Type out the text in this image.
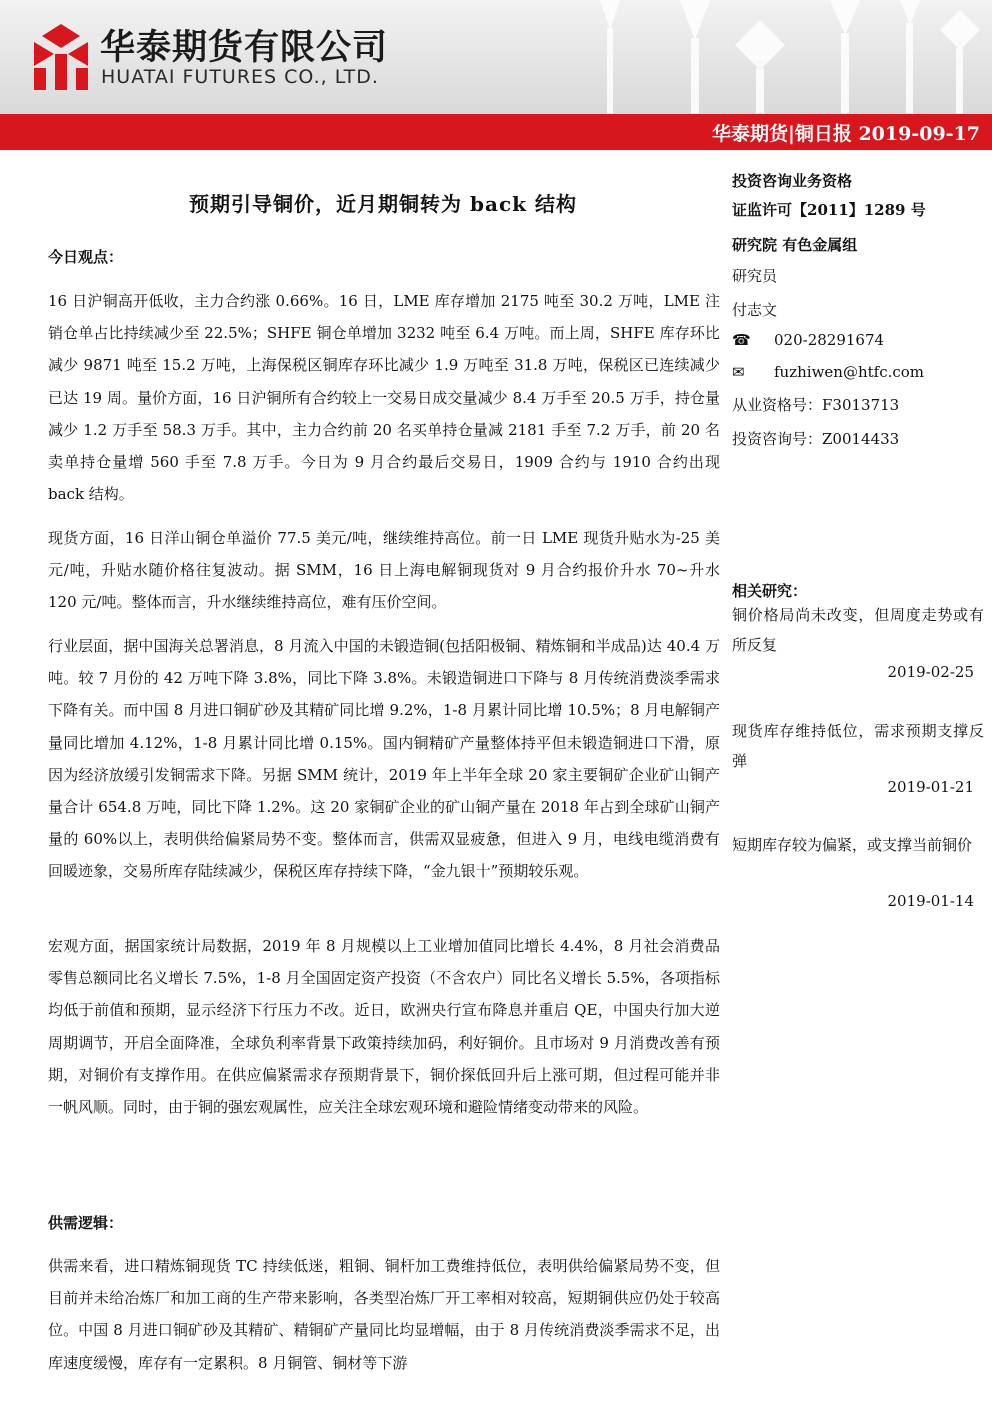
华泰期货有限公司
HUATAI FUTURES CO., LTD.
华泰期货|铜日报 2019-09-17
预期引导铜价，近月期铜转为 back 结构
今日观点：
16 日沪铜高开低收，主力合约涨 0.66%。16 日，LME 库存增加 2175 吨至 30.2 万吨，LME 注销仓单占比持续减少至 22.5%；SHFE 铜仓单增加 3232 吨至 6.4 万吨。而上周，SHFE 库存环比减少 9871 吨至 15.2 万吨，上海保税区铜库存环比减少 1.9 万吨至 31.8 万吨，保税区已连续减少已达 19 周。量价方面，16 日沪铜所有合约较上一交易日成交量减少 8.4 万手至 20.5 万手，持仓量减少 1.2 万手至 58.3 万手。其中，主力合约前 20 名买单持仓量减 2181 手至 7.2 万手，前 20 名卖单持仓量增 560 手至 7.8 万手。今日为 9 月合约最后交易日，1909 合约与 1910 合约出现 back 结构。
现货方面，16 日洋山铜仓单溢价 77.5 美元/吨，继续维持高位。前一日 LME 现货升贴水为-25 美元/吨，升贴水随价格往复波动。据 SMM，16 日上海电解铜现货对 9 月合约报价升水 70~升水 120 元/吨。整体而言，升水继续维持高位，难有压价空间。
行业层面，据中国海关总署消息，8 月流入中国的未锻造铜(包括阳极铜、精炼铜和半成品)达 40.4 万吨。较 7 月份的 42 万吨下降 3.8%，同比下降 3.8%。未锻造铜进口下降与 8 月传统消费淡季需求下降有关。而中国 8 月进口铜矿砂及其精矿同比增 9.2%，1-8 月累计同比增 10.5%；8 月电解铜产量同比增加 4.12%，1-8 月累计同比增 0.15%。国内铜精矿产量整体持平但未锻造铜进口下滑，原因为经济放缓引发铜需求下降。另据 SMM 统计，2019 年上半年全球 20 家主要铜矿企业矿山铜产量合计 654.8 万吨，同比下降 1.2%。这 20 家铜矿企业的矿山铜产量在 2018 年占到全球矿山铜产量的 60%以上，表明供给偏紧局势不变。整体而言，供需双显疲惫，但进入 9 月，电线电缆消费有回暖迹象，交易所库存陆续减少，保税区库存持续下降，“金九银十”预期较乐观。
宏观方面，据国家统计局数据，2019 年 8 月规模以上工业增加值同比增长 4.4%，8 月社会消费品零售总额同比名义增长 7.5%，1-8 月全国固定资产投资（不含农户）同比名义增长 5.5%，各项指标均低于前值和预期，显示经济下行压力不改。近日，欧洲央行宣布降息并重启 QE，中国央行加大逆周期调节，开启全面降准，全球负利率背景下政策持续加码，利好铜价。且市场对 9 月消费改善有预期，对铜价有支撑作用。在供应偏紧需求存预期背景下，铜价探低回升后上涨可期，但过程可能并非一帆风顺。同时，由于铜的强宏观属性，应关注全球宏观环境和避险情绪变动带来的风险。
供需逻辑：
供需来看，进口精炼铜现货 TC 持续低迷，粗铜、铜杆加工费维持低位，表明供给偏紧局势不变，但目前并未给冶炼厂和加工商的生产带来影响，各类型冶炼厂开工率相对较高，短期铜供应仍处于较高位。中国 8 月进口铜矿砂及其精矿、精铜矿产量同比均显增幅，由于 8 月传统消费淡季需求不足，出库速度缓慢，库存有一定累积。8 月铜管、铜材等下游
投资咨询业务资格
证监许可【2011】1289 号
研究院 有色金属组
研究员
付志文
☎ 020-28291674
✉ fuzhiwen@htfc.com
从业资格号：F3013713
投资咨询号：Z0014433
相关研究：
铜价格局尚未改变，但周度走势或有所反复
2019-02-25
现货库存维持低位，需求预期支撑反弹
2019-01-21
短期库存较为偏紧，或支撑当前铜价
2019-01-14
